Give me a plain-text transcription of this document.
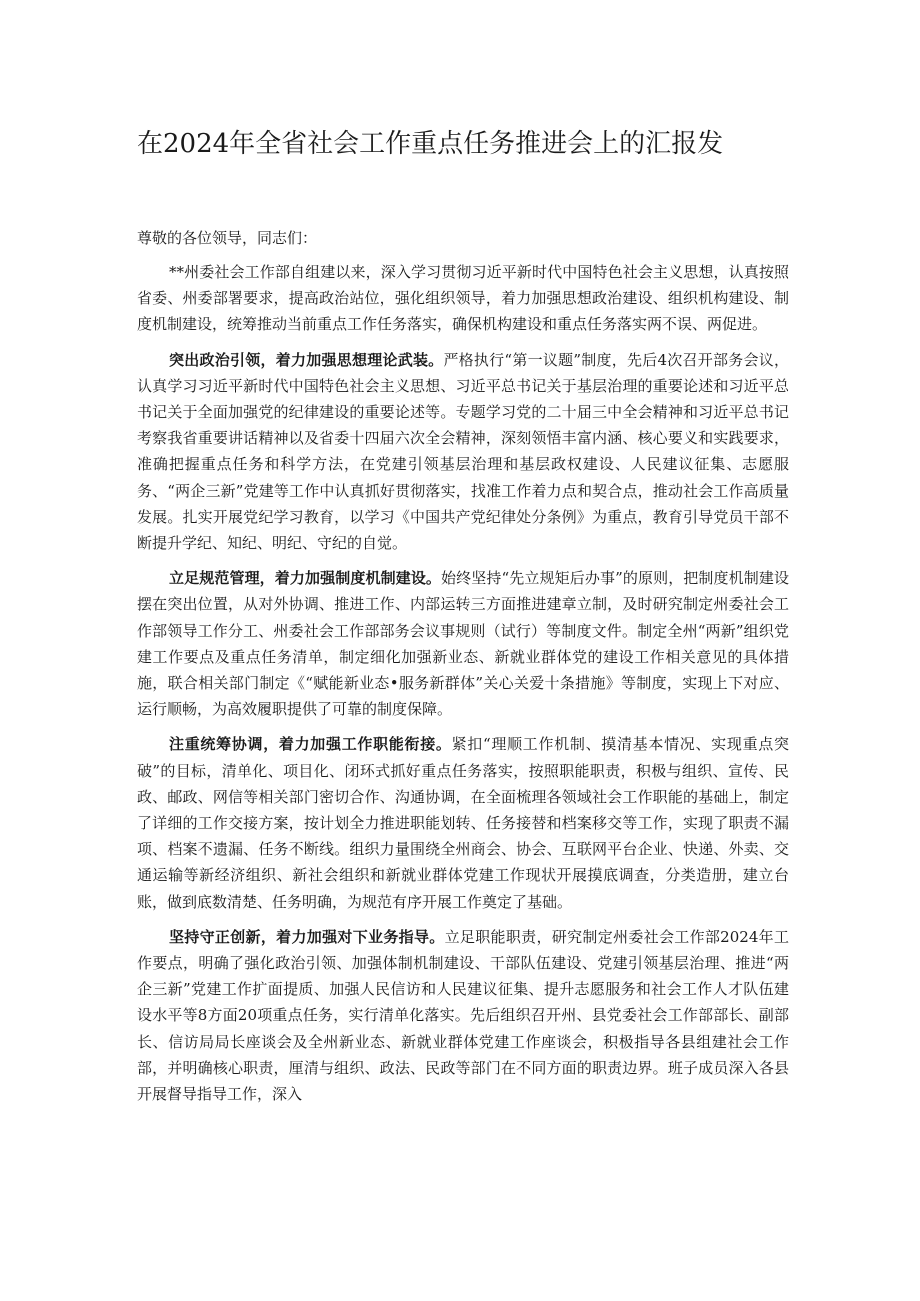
在2024年全省社会工作重点任务推进会上的汇报发

尊敬的各位领导，同志们：

**州委社会工作部自组建以来，深入学习贯彻习近平新时代中国特色社会主义思想，认真按照省委、州委部署要求，提高政治站位，强化组织领导，着力加强思想政治建设、组织机构建设、制度机制建设，统筹推动当前重点工作任务落实，确保机构建设和重点任务落实两不误、两促进。

突出政治引领，着力加强思想理论武装。严格执行“第一议题”制度，先后4次召开部务会议，认真学习习近平新时代中国特色社会主义思想、习近平总书记关于基层治理的重要论述和习近平总书记关于全面加强党的纪律建设的重要论述等。专题学习党的二十届三中全会精神和习近平总书记考察我省重要讲话精神以及省委十四届六次全会精神，深刻领悟丰富内涵、核心要义和实践要求，准确把握重点任务和科学方法，在党建引领基层治理和基层政权建设、人民建议征集、志愿服务、“两企三新”党建等工作中认真抓好贯彻落实，找准工作着力点和契合点，推动社会工作高质量发展。扎实开展党纪学习教育，以学习《中国共产党纪律处分条例》为重点，教育引导党员干部不断提升学纪、知纪、明纪、守纪的自觉。

立足规范管理，着力加强制度机制建设。始终坚持“先立规矩后办事”的原则，把制度机制建设摆在突出位置，从对外协调、推进工作、内部运转三方面推进建章立制，及时研究制定州委社会工作部领导工作分工、州委社会工作部部务会议事规则（试行）等制度文件。制定全州“两新”组织党建工作要点及重点任务清单，制定细化加强新业态、新就业群体党的建设工作相关意见的具体措施，联合相关部门制定《“赋能新业态•服务新群体”关心关爱十条措施》等制度，实现上下对应、运行顺畅，为高效履职提供了可靠的制度保障。

注重统筹协调，着力加强工作职能衔接。紧扣“理顺工作机制、摸清基本情况、实现重点突破”的目标，清单化、项目化、闭环式抓好重点任务落实，按照职能职责，积极与组织、宣传、民政、邮政、网信等相关部门密切合作、沟通协调，在全面梳理各领域社会工作职能的基础上，制定了详细的工作交接方案，按计划全力推进职能划转、任务接替和档案移交等工作，实现了职责不漏项、档案不遗漏、任务不断线。组织力量围绕全州商会、协会、互联网平台企业、快递、外卖、交通运输等新经济组织、新社会组织和新就业群体党建工作现状开展摸底调查，分类造册，建立台账，做到底数清楚、任务明确，为规范有序开展工作奠定了基础。

坚持守正创新，着力加强对下业务指导。立足职能职责，研究制定州委社会工作部2024年工作要点，明确了强化政治引领、加强体制机制建设、干部队伍建设、党建引领基层治理、推进“两企三新”党建工作扩面提质、加强人民信访和人民建议征集、提升志愿服务和社会工作人才队伍建设水平等8方面20项重点任务，实行清单化落实。先后组织召开州、县党委社会工作部部长、副部长、信访局局长座谈会及全州新业态、新就业群体党建工作座谈会，积极指导各县组建社会工作部，并明确核心职责，厘清与组织、政法、民政等部门在不同方面的职责边界。班子成员深入各县开展督导指导工作，深入
